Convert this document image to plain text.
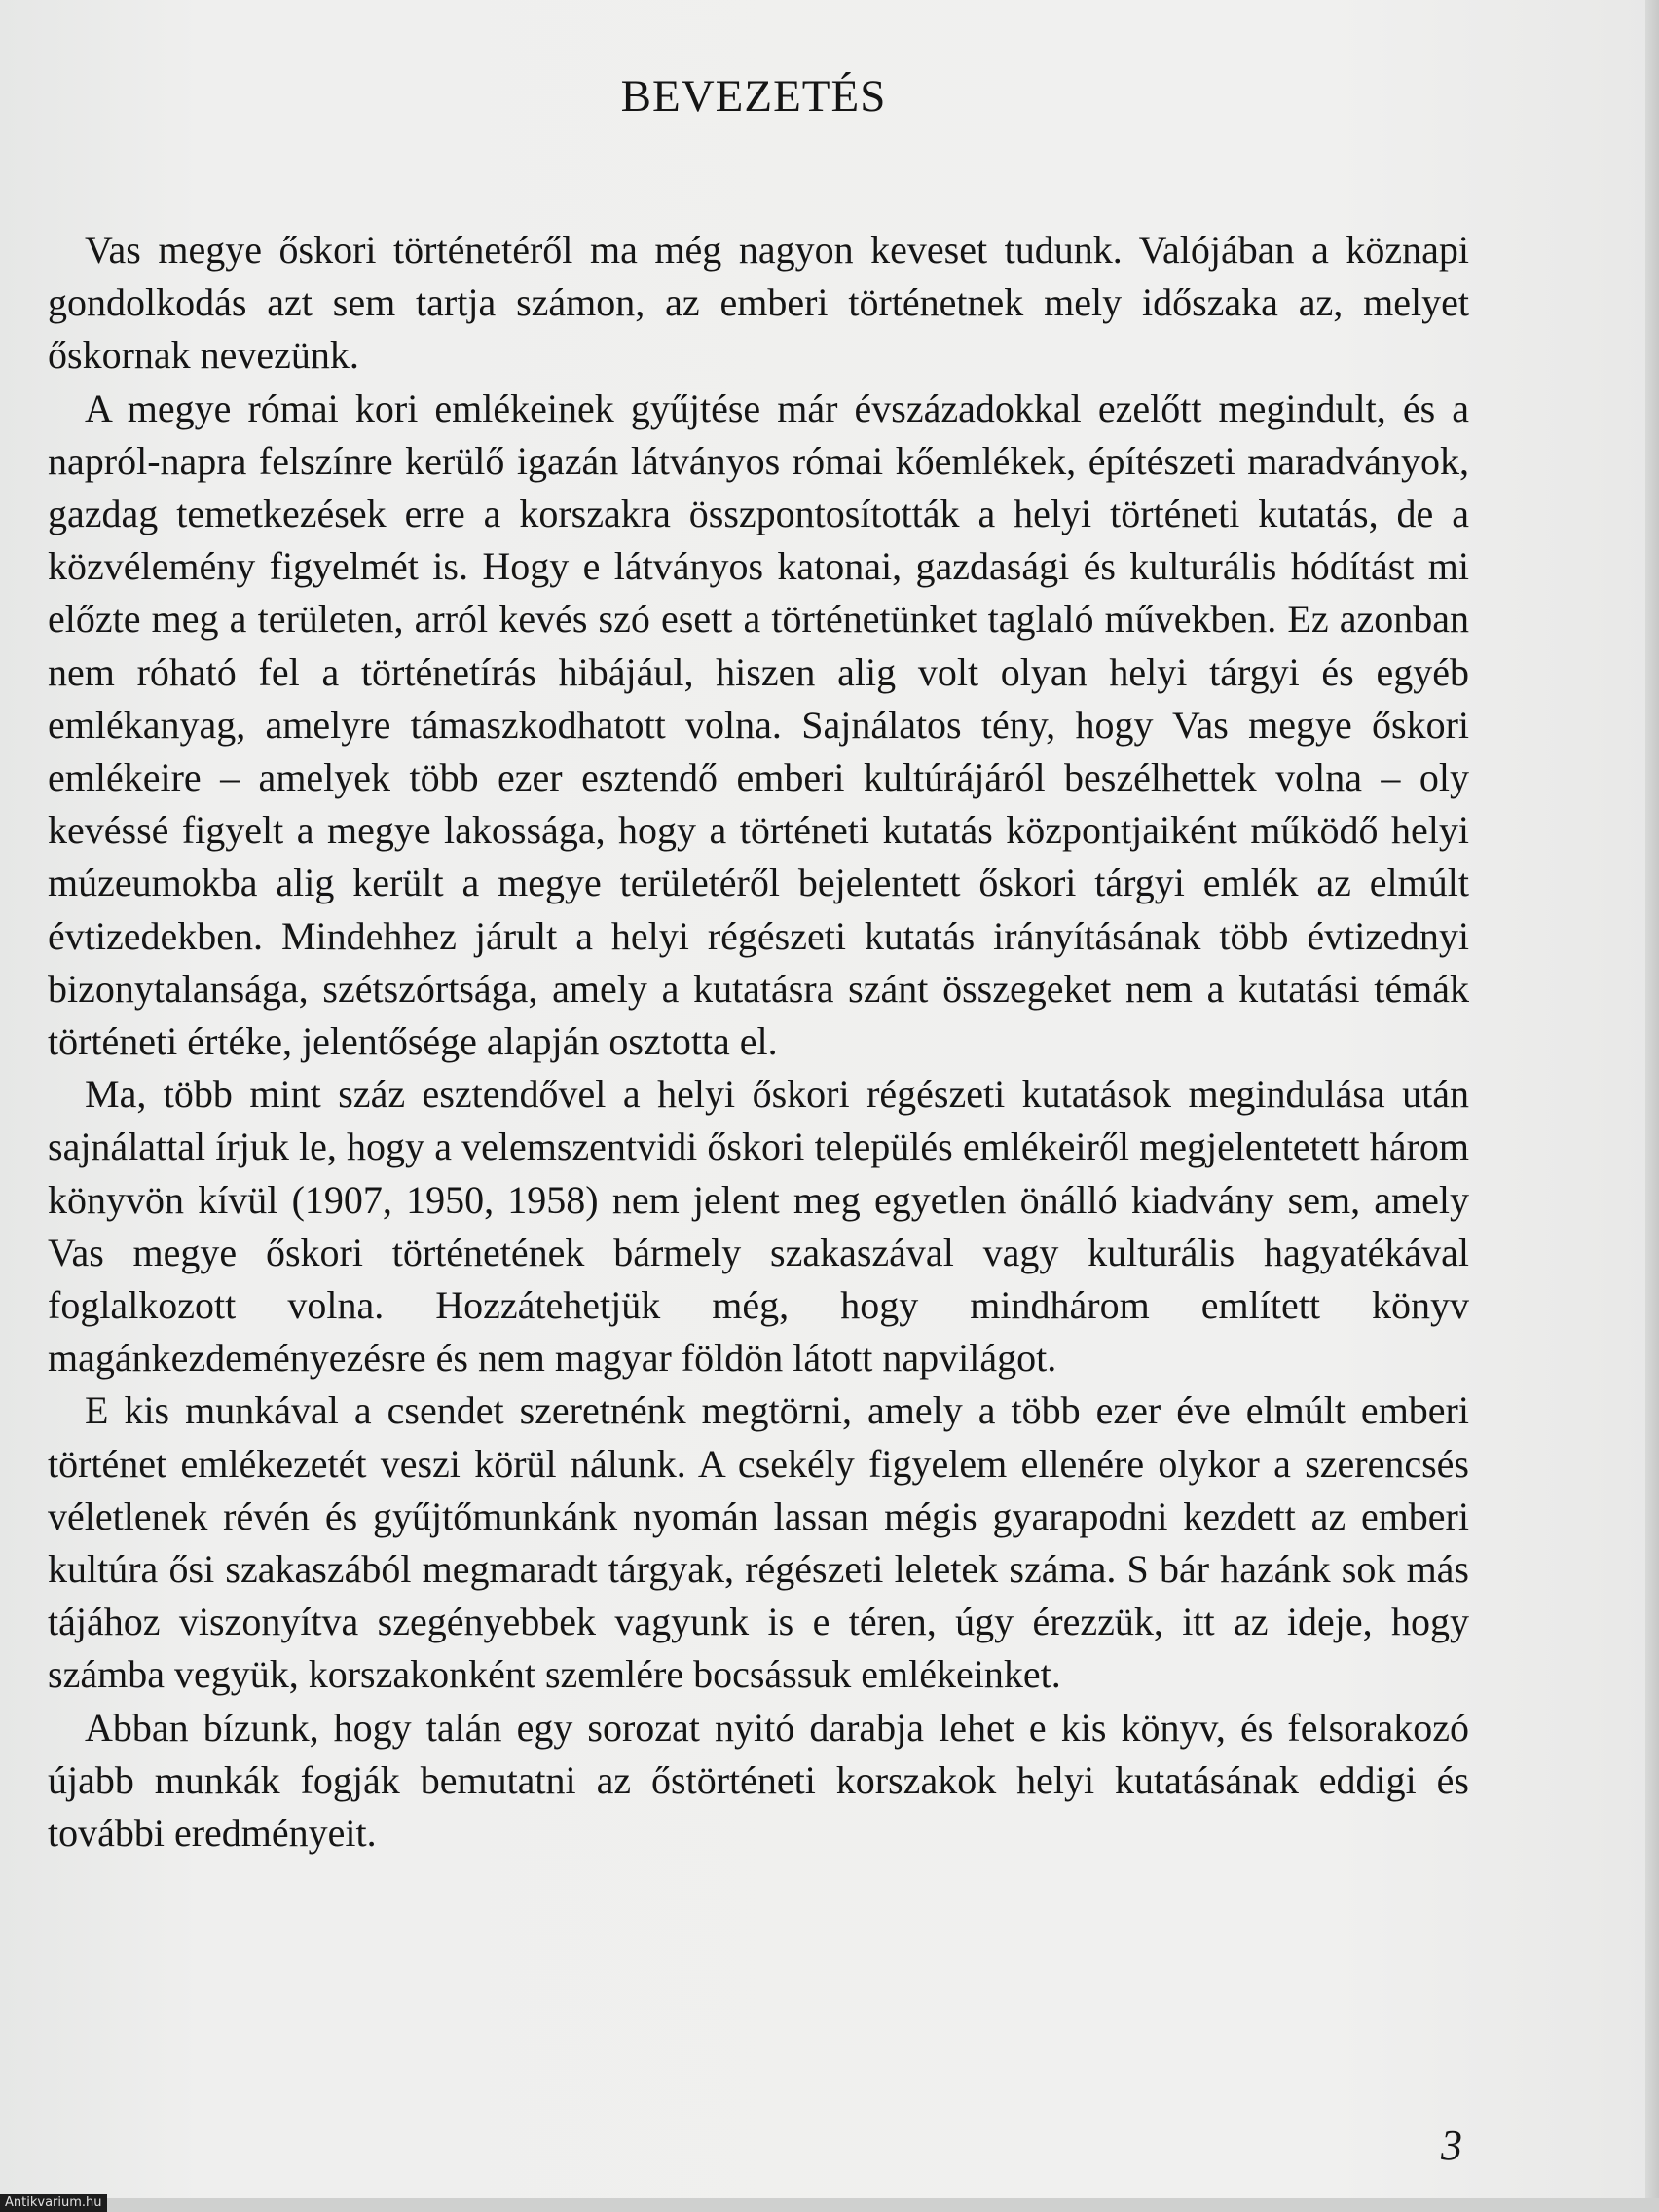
BEVEZETÉS

Vas megye őskori történetéről ma még nagyon keveset tudunk. Valójában a köznapi gondolkodás azt sem tartja számon, az emberi történetnek mely időszaka az, melyet őskornak nevezünk.

A megye római kori emlékeinek gyűjtése már évszázadokkal ezelőtt megindult, és a napról-napra felszínre kerülő igazán látványos római kőemlékek, építészeti maradványok, gazdag temetkezések erre a korszakra összpontosították a helyi történeti kutatás, de a közvélemény figyelmét is. Hogy e látványos katonai, gazdasági és kulturális hódítást mi előzte meg a területen, arról kevés szó esett a történetünket taglaló művekben. Ez azonban nem róható fel a történetírás hibájául, hiszen alig volt olyan helyi tárgyi és egyéb emlékanyag, amelyre támaszkodhatott volna. Sajnálatos tény, hogy Vas megye őskori emlékeire – amelyek több ezer esztendő emberi kultúrájáról beszélhettek volna – oly kevéssé figyelt a megye lakossága, hogy a történeti kutatás központjaiként működő helyi múzeumokba alig került a megye területéről bejelentett őskori tárgyi emlék az elmúlt évtizedekben. Mindehhez járult a helyi régészeti kutatás irányításának több évtizednyi bizonytalansága, szétszórtsága, amely a kutatásra szánt összegeket nem a kutatási témák történeti értéke, jelentősége alapján osztotta el.

Ma, több mint száz esztendővel a helyi őskori régészeti kutatások megindulása után sajnálattal írjuk le, hogy a velemszentvidi őskori település emlékeiről megjelentetett három könyvön kívül (1907, 1950, 1958) nem jelent meg egyetlen önálló kiadvány sem, amely Vas megye őskori történetének bármely szakaszával vagy kulturális hagyatékával foglalkozott volna. Hozzátehetjük még, hogy mindhárom említett könyv magánkezdeményezésre és nem magyar földön látott napvilágot.

E kis munkával a csendet szeretnénk megtörni, amely a több ezer éve elmúlt emberi történet emlékezetét veszi körül nálunk. A csekély figyelem ellenére olykor a szerencsés véletlenek révén és gyűjtőmunkánk nyomán lassan mégis gyarapodni kezdett az emberi kultúra ősi szakaszából megmaradt tárgyak, régészeti leletek száma. S bár hazánk sok más tájához viszonyítva szegényebbek vagyunk is e téren, úgy érezzük, itt az ideje, hogy számba vegyük, korszakonként szemlére bocsássuk emlékeinket.

Abban bízunk, hogy talán egy sorozat nyitó darabja lehet e kis könyv, és felsorakozó újabb munkák fogják bemutatni az őstörténeti korszakok helyi kutatásának eddigi és további eredményeit.

3
Antikvarium.hu
